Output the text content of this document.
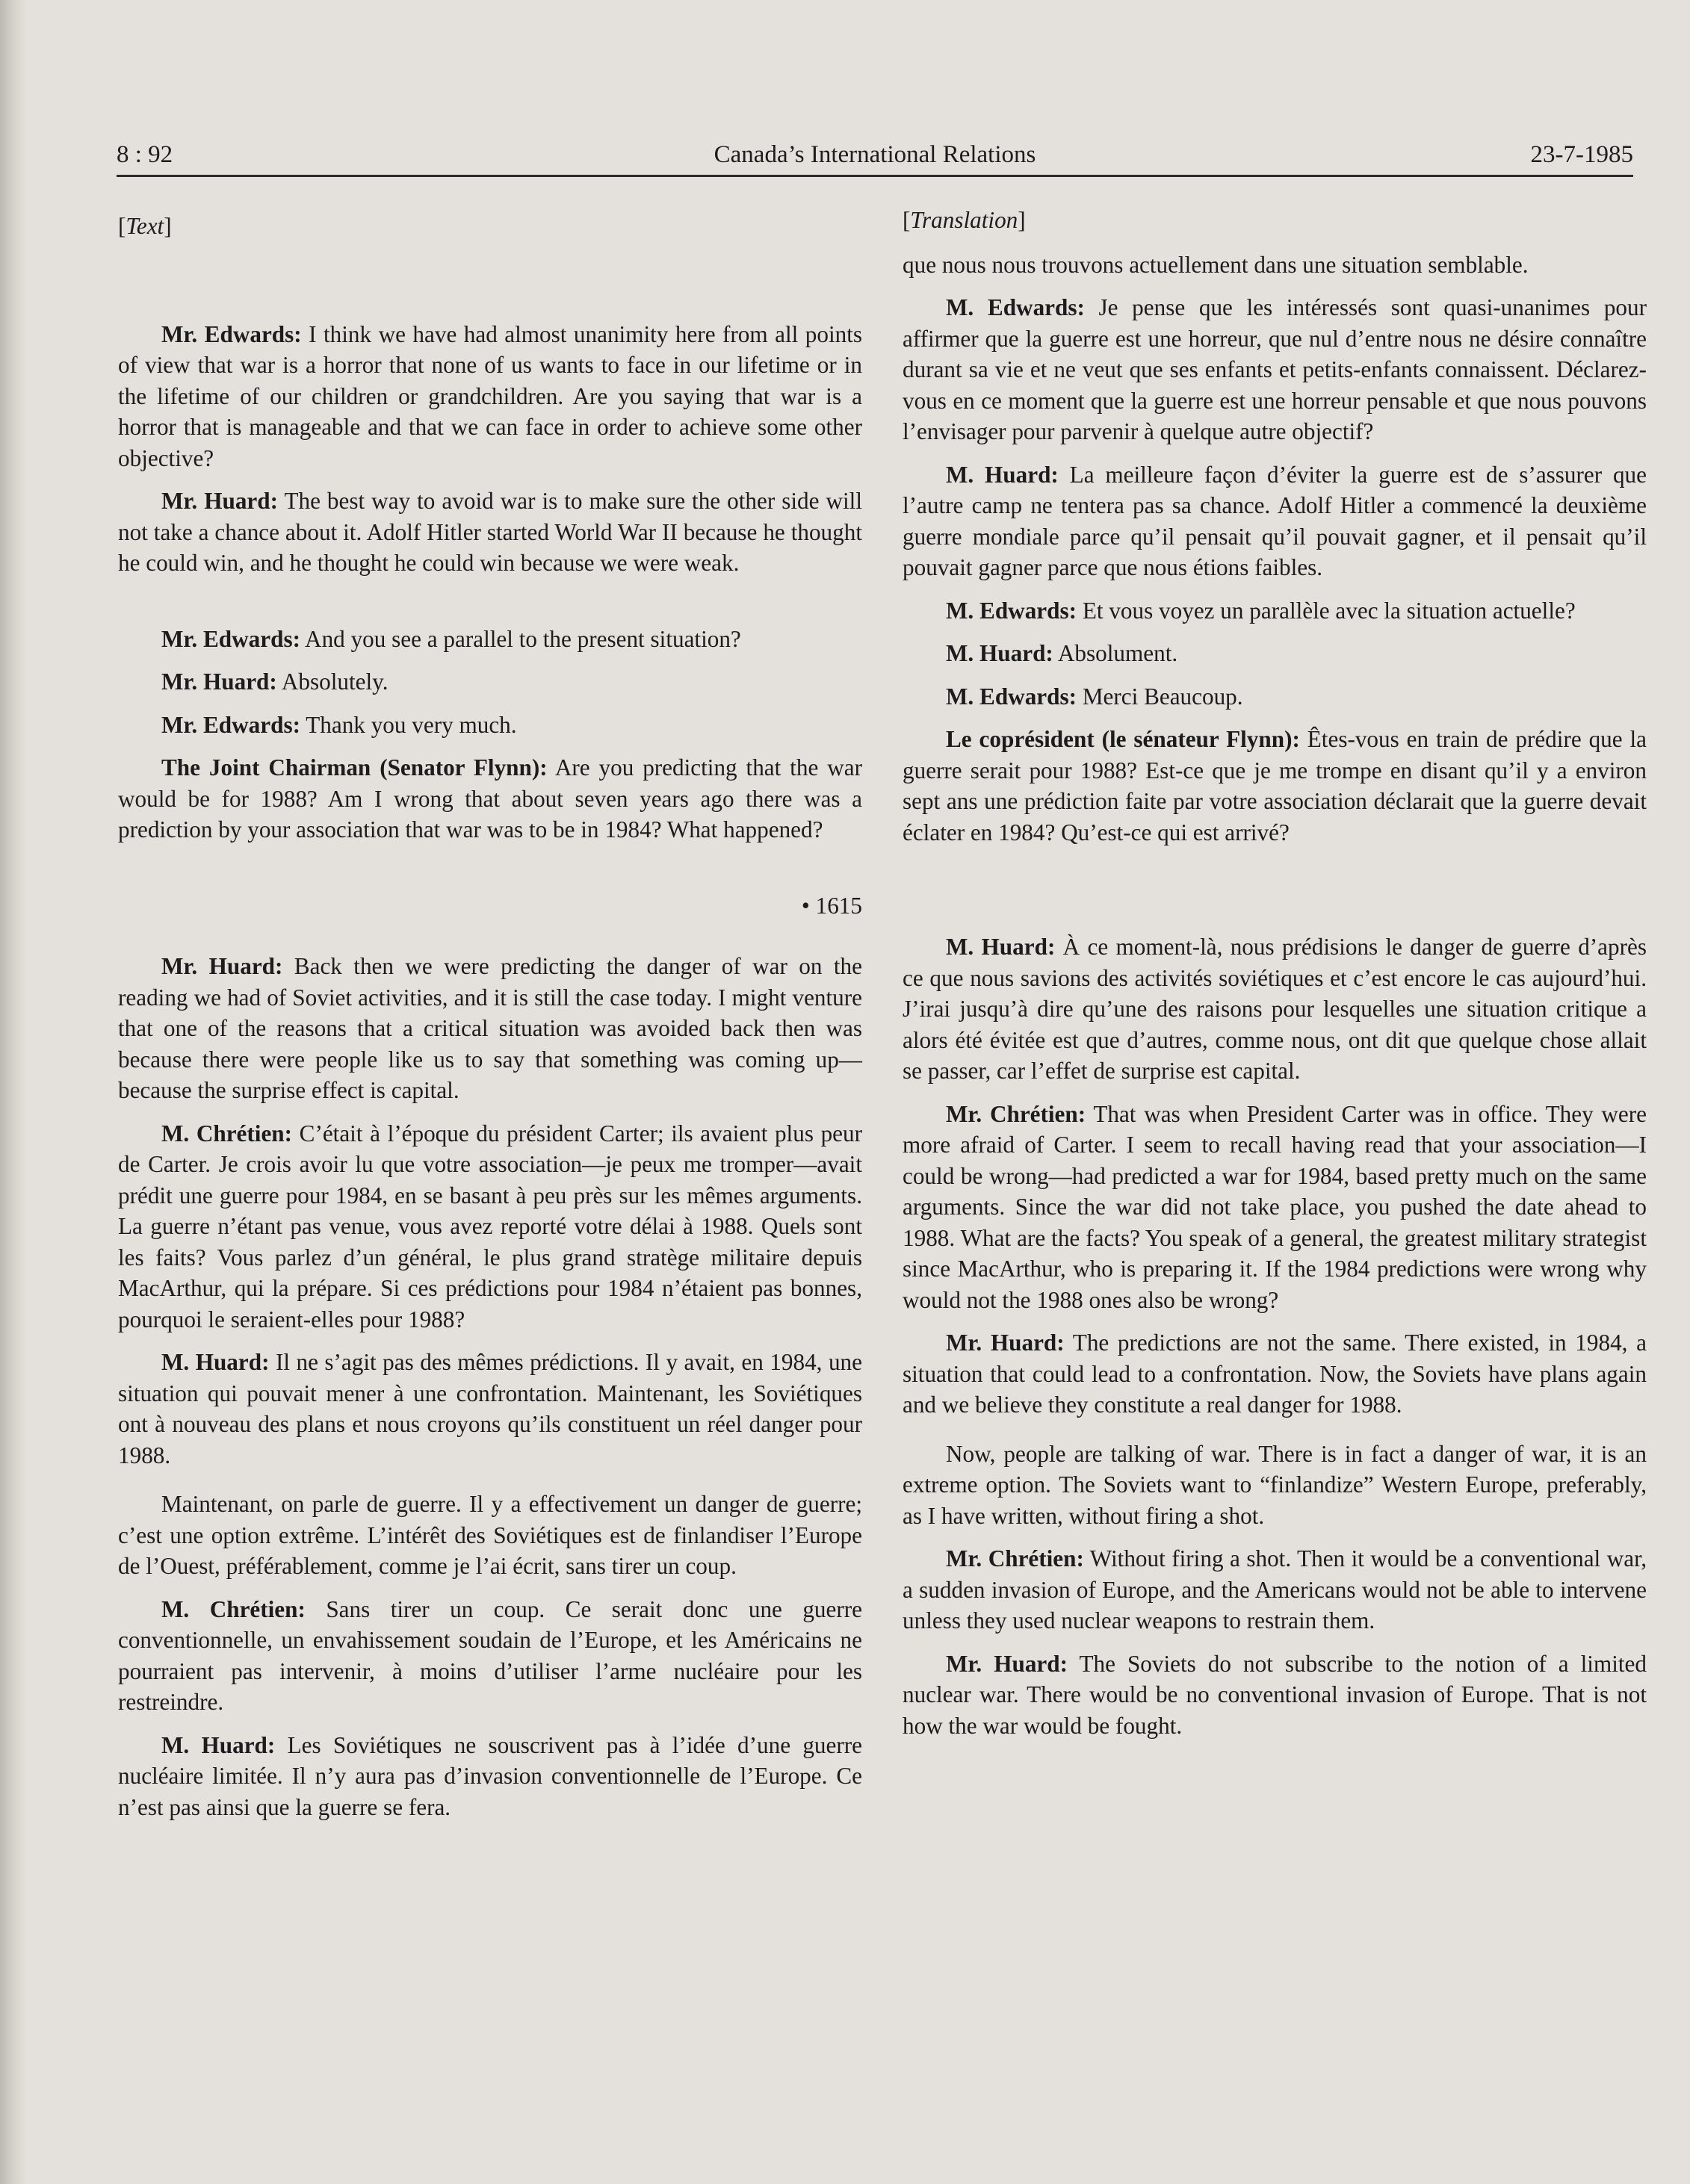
8 : 92	Canada’s International Relations	23-7-1985

[Text]

Mr. Edwards: I think we have had almost unanimity here from all points of view that war is a horror that none of us wants to face in our lifetime or in the lifetime of our children or grandchildren. Are you saying that war is a horror that is manageable and that we can face in order to achieve some other objective?

Mr. Huard: The best way to avoid war is to make sure the other side will not take a chance about it. Adolf Hitler started World War II because he thought he could win, and he thought he could win because we were weak.

Mr. Edwards: And you see a parallel to the present situation?

Mr. Huard: Absolutely.

Mr. Edwards: Thank you very much.

The Joint Chairman (Senator Flynn): Are you predicting that the war would be for 1988? Am I wrong that about seven years ago there was a prediction by your association that war was to be in 1984? What happened?

• 1615

Mr. Huard: Back then we were predicting the danger of war on the reading we had of Soviet activities, and it is still the case today. I might venture that one of the reasons that a critical situation was avoided back then was because there were people like us to say that something was coming up—because the surprise effect is capital.

M. Chrétien: C’était à l’époque du président Carter; ils avaient plus peur de Carter. Je crois avoir lu que votre association—je peux me tromper—avait prédit une guerre pour 1984, en se basant à peu près sur les mêmes arguments. La guerre n’étant pas venue, vous avez reporté votre délai à 1988. Quels sont les faits? Vous parlez d’un général, le plus grand stratège militaire depuis MacArthur, qui la prépare. Si ces prédictions pour 1984 n’étaient pas bonnes, pourquoi le seraient-elles pour 1988?

M. Huard: Il ne s’agit pas des mêmes prédictions. Il y avait, en 1984, une situation qui pouvait mener à une confrontation. Maintenant, les Soviétiques ont à nouveau des plans et nous croyons qu’ils constituent un réel danger pour 1988.

Maintenant, on parle de guerre. Il y a effectivement un danger de guerre; c’est une option extrême. L’intérêt des Soviétiques est de finlandiser l’Europe de l’Ouest, préférablement, comme je l’ai écrit, sans tirer un coup.

M. Chrétien: Sans tirer un coup. Ce serait donc une guerre conventionnelle, un envahissement soudain de l’Europe, et les Américains ne pourraient pas intervenir, à moins d’utiliser l’arme nucléaire pour les restreindre.

M. Huard: Les Soviétiques ne souscrivent pas à l’idée d’une guerre nucléaire limitée. Il n’y aura pas d’invasion conventionnelle de l’Europe. Ce n’est pas ainsi que la guerre se fera.

[Translation]

que nous nous trouvons actuellement dans une situation semblable.

M. Edwards: Je pense que les intéressés sont quasi-unanimes pour affirmer que la guerre est une horreur, que nul d’entre nous ne désire connaître durant sa vie et ne veut que ses enfants et petits-enfants connaissent. Déclarez-vous en ce moment que la guerre est une horreur pensable et que nous pouvons l’envisager pour parvenir à quelque autre objectif?

M. Huard: La meilleure façon d’éviter la guerre est de s’assurer que l’autre camp ne tentera pas sa chance. Adolf Hitler a commencé la deuxième guerre mondiale parce qu’il pensait qu’il pouvait gagner, et il pensait qu’il pouvait gagner parce que nous étions faibles.

M. Edwards: Et vous voyez un parallèle avec la situation actuelle?

M. Huard: Absolument.

M. Edwards: Merci Beaucoup.

Le coprésident (le sénateur Flynn): Êtes-vous en train de prédire que la guerre serait pour 1988? Est-ce que je me trompe en disant qu’il y a environ sept ans une prédiction faite par votre association déclarait que la guerre devait éclater en 1984? Qu’est-ce qui est arrivé?

M. Huard: À ce moment-là, nous prédisions le danger de guerre d’après ce que nous savions des activités soviétiques et c’est encore le cas aujourd’hui. J’irai jusqu’à dire qu’une des raisons pour lesquelles une situation critique a alors été évitée est que d’autres, comme nous, ont dit que quelque chose allait se passer, car l’effet de surprise est capital.

Mr. Chrétien: That was when President Carter was in office. They were more afraid of Carter. I seem to recall having read that your association—I could be wrong—had predicted a war for 1984, based pretty much on the same arguments. Since the war did not take place, you pushed the date ahead to 1988. What are the facts? You speak of a general, the greatest military strategist since MacArthur, who is preparing it. If the 1984 predictions were wrong why would not the 1988 ones also be wrong?

Mr. Huard: The predictions are not the same. There existed, in 1984, a situation that could lead to a confrontation. Now, the Soviets have plans again and we believe they constitute a real danger for 1988.

Now, people are talking of war. There is in fact a danger of war, it is an extreme option. The Soviets want to “finlandize” Western Europe, preferably, as I have written, without firing a shot.

Mr. Chrétien: Without firing a shot. Then it would be a conventional war, a sudden invasion of Europe, and the Americans would not be able to intervene unless they used nuclear weapons to restrain them.

Mr. Huard: The Soviets do not subscribe to the notion of a limited nuclear war. There would be no conventional invasion of Europe. That is not how the war would be fought.
